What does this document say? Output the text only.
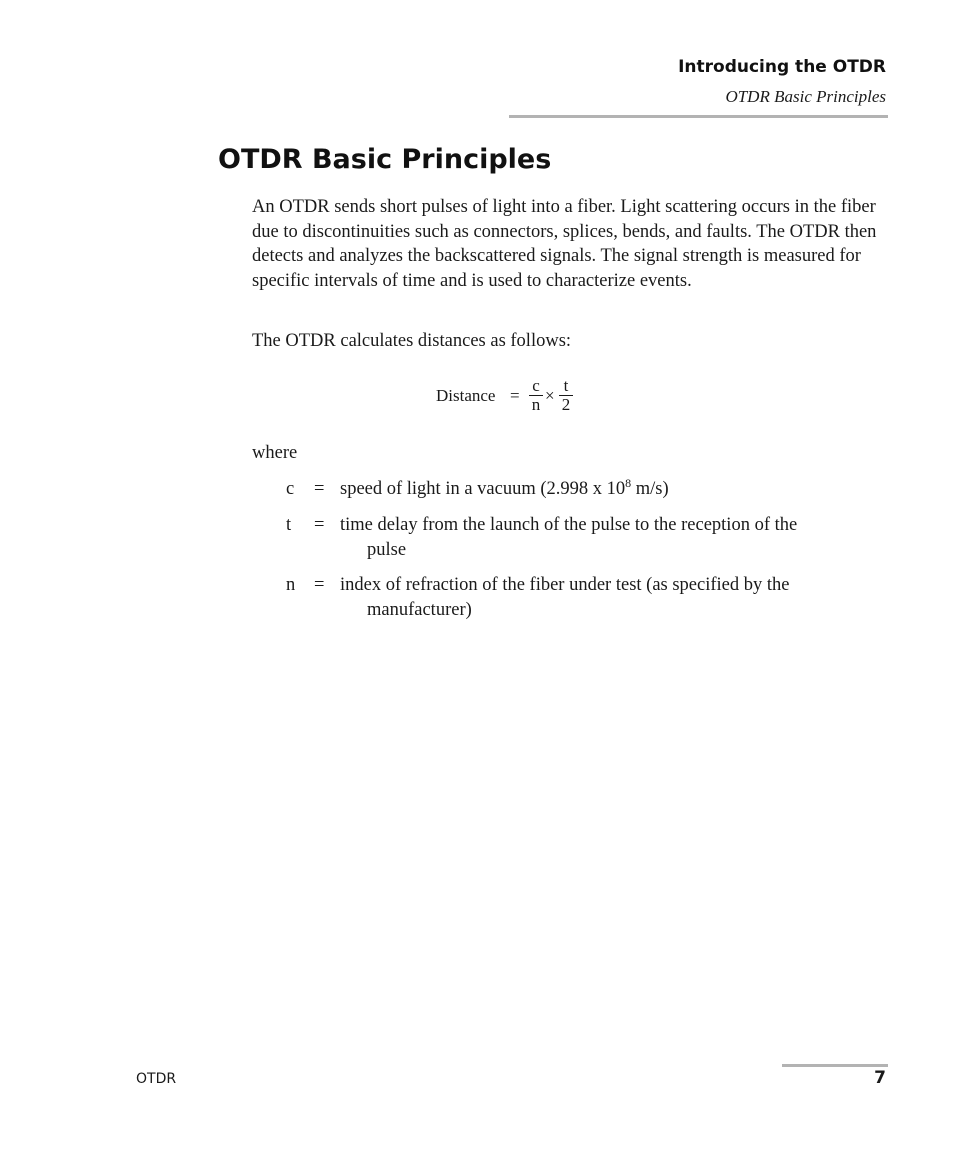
Introducing the OTDR
OTDR Basic Principles
OTDR Basic Principles

An OTDR sends short pulses of light into a fiber. Light scattering occurs in the fiber due to discontinuities such as connectors, splices, bends, and faults. The OTDR then detects and analyzes the backscattered signals. The signal strength is measured for specific intervals of time and is used to characterize events.

The OTDR calculates distances as follows:

Distance = $\frac{c}{n} \times \frac{t}{2}$

where

c = speed of light in a vacuum (2.998 x $10^8$ m/s)
t = time delay from the launch of the pulse to the reception of the
pulse
n = index of refraction of the fiber under test (as specified by the
manufacturer)
OTDR	7
